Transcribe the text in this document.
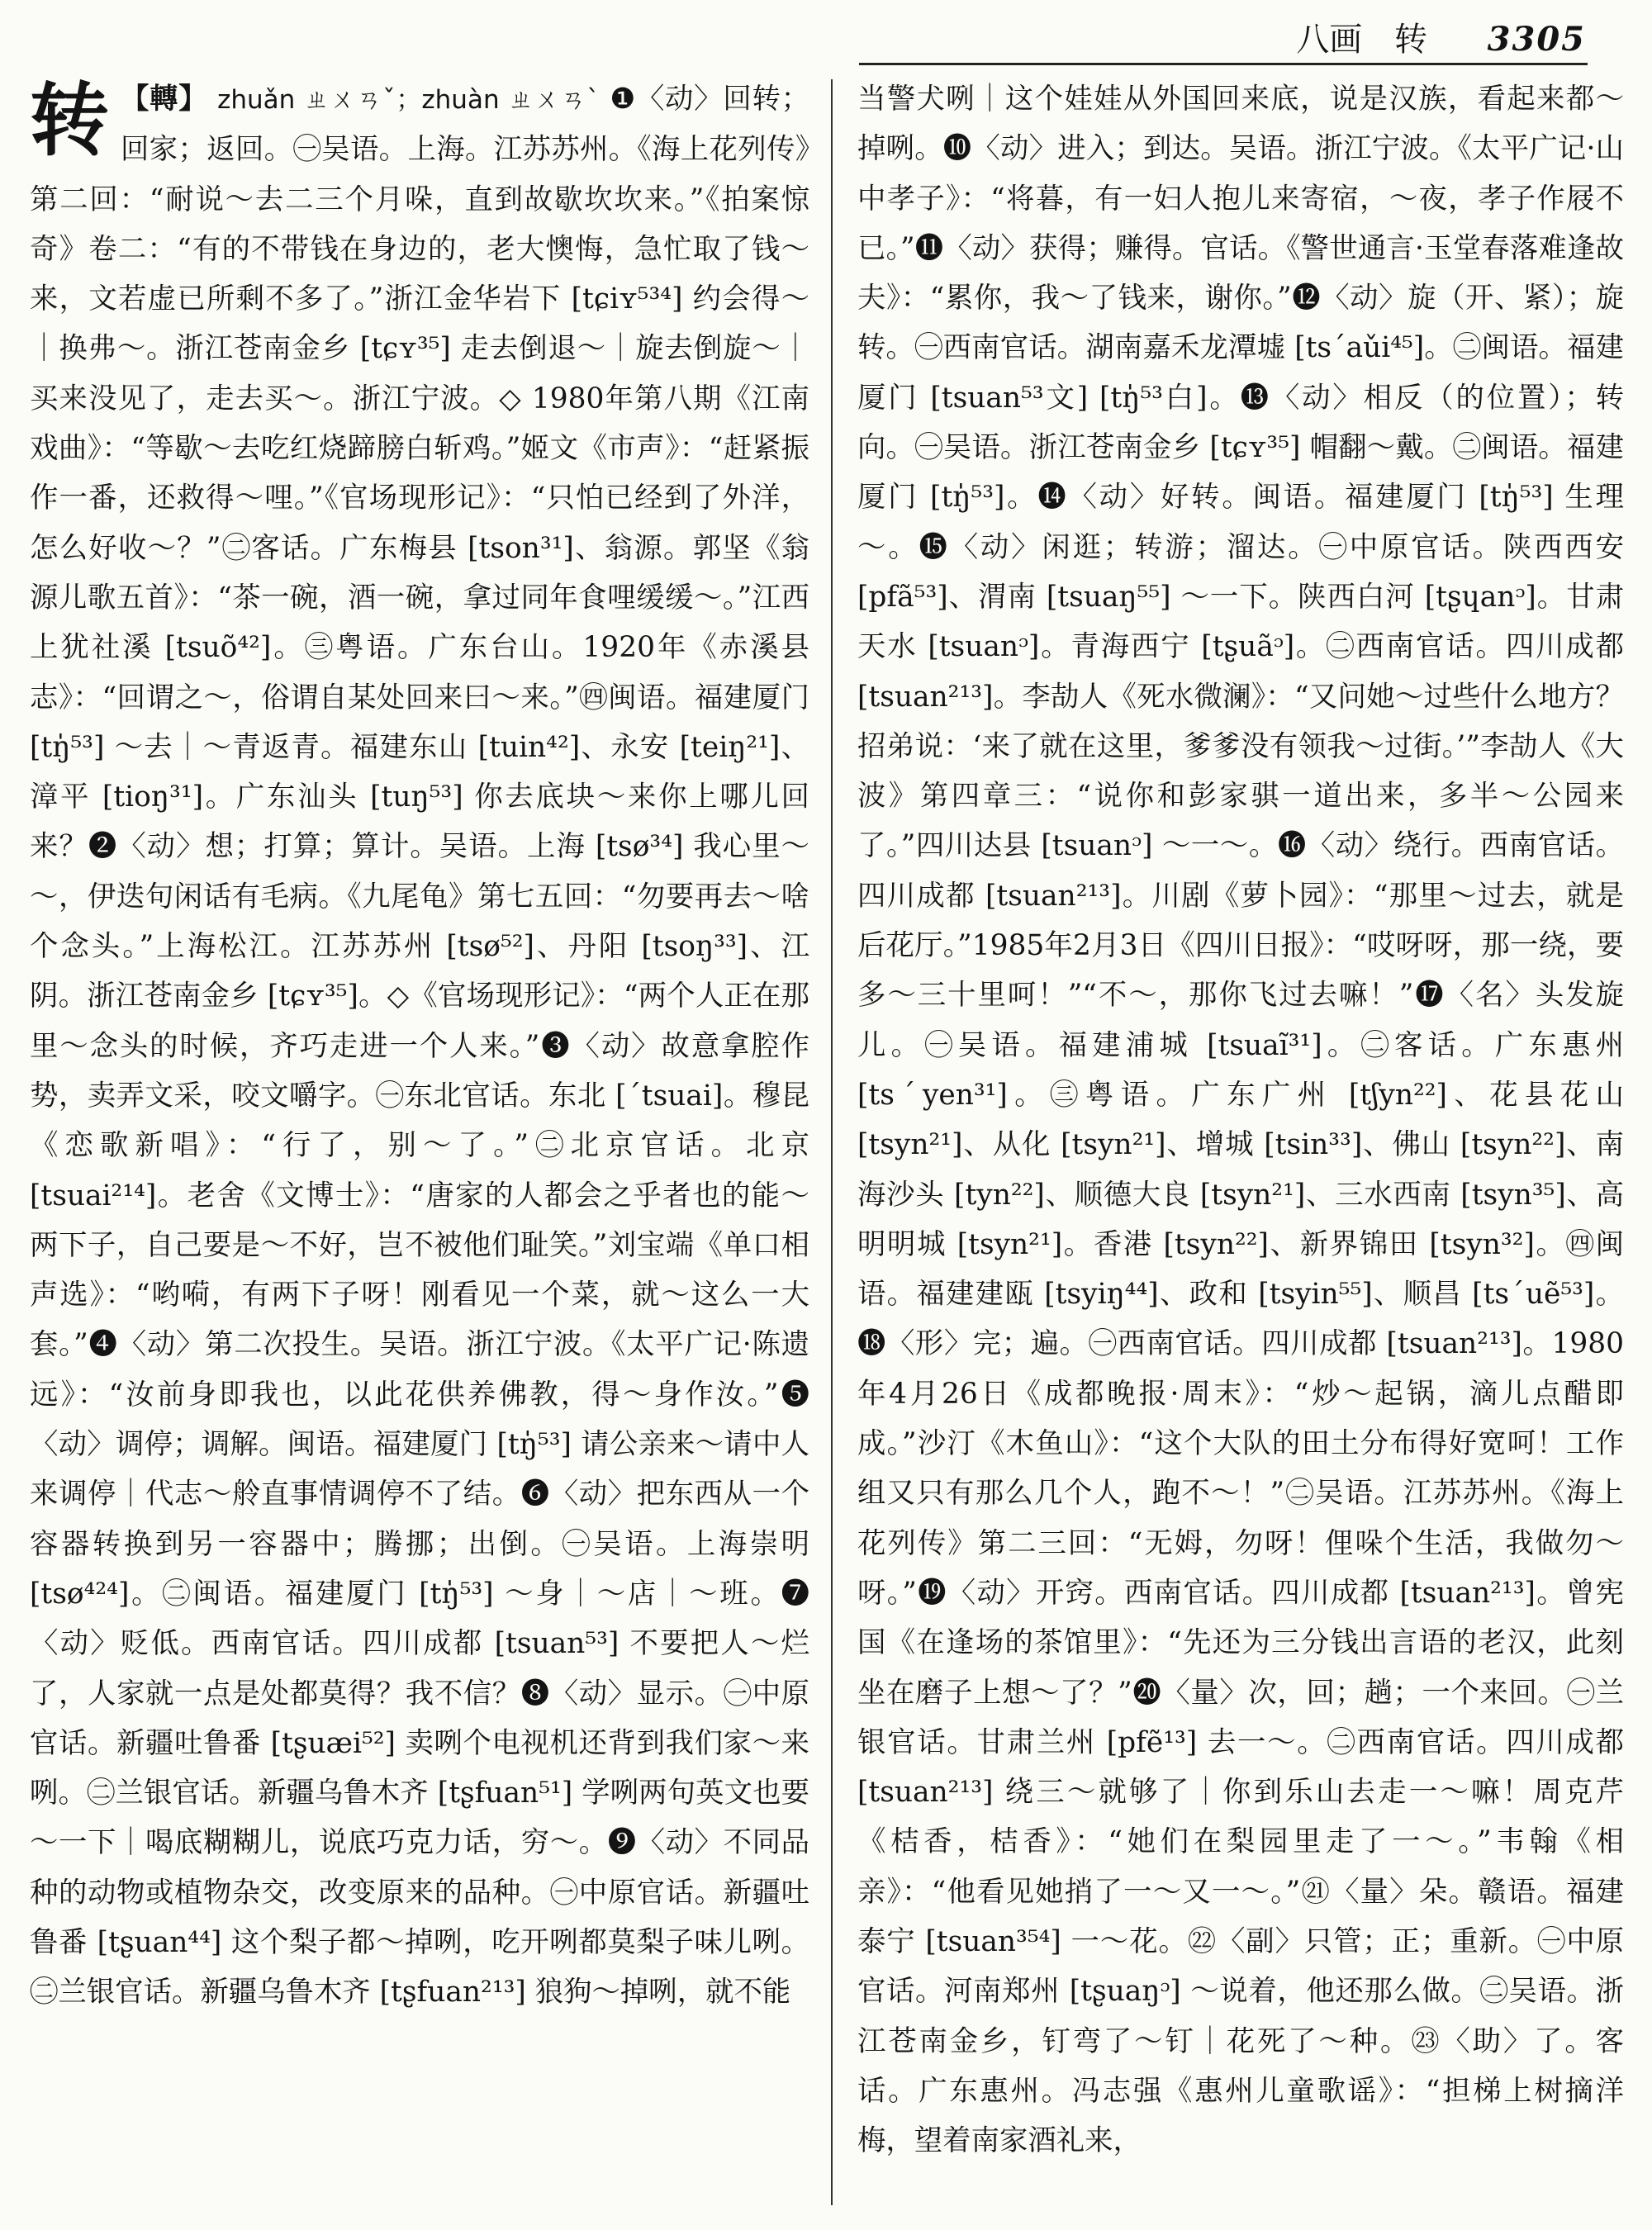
八画 转 3305
转 【轉】 zhuǎn ㄓㄨㄢˇ；zhuàn ㄓㄨㄢˋ ❶〈动〉回转；回家；返回。㊀吴语。上海。江苏苏州。《海上花列传》第二回：“耐说～去二三个月哚，直到故歇坎坎来。”《拍案惊奇》卷二：“有的不带钱在身边的，老大懊悔，急忙取了钱～来，文若虚已所剩不多了。”浙江金华岩下 [tɕiʏ⁵³⁴] 约会得～｜换弗～。浙江苍南金乡 [tɕʏ³⁵] 走去倒退～｜旋去倒旋～｜买来没见了，走去买～。浙江宁波。◇ 1980年第八期《江南戏曲》：“等歇～去吃红烧蹄膀白斩鸡。”姬文《市声》：“赶紧振作一番，还救得～哩。”《官场现形记》：“只怕已经到了外洋，怎么好收～？”㊁客话。广东梅县 [tson³¹]、翁源。郭坚《翁源儿歌五首》：“茶一碗，酒一碗，拿过同年食哩缓缓～。”江西上犹社溪 [tsuõ⁴²]。㊂粤语。广东台山。1920年《赤溪县志》：“回谓之～，俗谓自某处回来曰～来。”㊃闽语。福建厦门 [tŋ̍⁵³] ～去｜～青返青。福建东山 [tuin⁴²]、永安 [teiŋ²¹]、漳平 [tioŋ³¹]。广东汕头 [tuŋ⁵³] 你去底块～来你上哪儿回来？❷〈动〉想；打算；算计。吴语。上海 [tsø³⁴] 我心里～～，伊迭句闲话有毛病。《九尾龟》第七五回：“勿要再去～啥个念头。”上海松江。江苏苏州 [tsø⁵²]、丹阳 [tsoŋ³³]、江阴。浙江苍南金乡 [tɕʏ³⁵]。◇《官场现形记》：“两个人正在那里～念头的时候，齐巧走进一个人来。”❸〈动〉故意拿腔作势，卖弄文采，咬文嚼字。㊀东北官话。东北 [ˊtsuai]。穆昆《恋歌新唱》：“行了，别～了。”㊁北京官话。北京 [tsuai²¹⁴]。老舍《文博士》：“唐家的人都会之乎者也的能～两下子，自己要是～不好，岂不被他们耻笑。”刘宝端《单口相声选》：“哟嗬，有两下子呀！刚看见一个菜，就～这么一大套。”❹〈动〉第二次投生。吴语。浙江宁波。《太平广记·陈遗远》：“汝前身即我也，以此花供养佛教，得～身作汝。”❺〈动〉调停；调解。闽语。福建厦门 [tŋ̍⁵³] 请公亲来～请中人来调停｜代志～舲直事情调停不了结。❻〈动〉把东西从一个容器转换到另一容器中；腾挪；出倒。㊀吴语。上海崇明 [tsø⁴²⁴]。㊁闽语。福建厦门 [tŋ̍⁵³] ～身｜～店｜～班。❼〈动〉贬低。西南官话。四川成都 [tsuan⁵³] 不要把人～烂了，人家就一点是处都莫得？我不信？❽〈动〉显示。㊀中原官话。新疆吐鲁番 [tʂuæi⁵²] 卖咧个电视机还背到我们家～来咧。㊁兰银官话。新疆乌鲁木齐 [tʂfuan⁵¹] 学咧两句英文也要～一下｜喝底糊糊儿，说底巧克力话，穷～。❾〈动〉不同品种的动物或植物杂交，改变原来的品种。㊀中原官话。新疆吐鲁番 [tʂuan⁴⁴] 这个梨子都～掉咧，吃开咧都莫梨子味儿咧。㊁兰银官话。新疆乌鲁木齐 [tʂfuan²¹³] 狼狗～掉咧，就不能
当警犬咧｜这个娃娃从外国回来底，说是汉族，看起来都～掉咧。❿〈动〉进入；到达。吴语。浙江宁波。《太平广记·山中孝子》：“将暮，有一妇人抱儿来寄宿，～夜，孝子作屐不已。”⓫〈动〉获得；赚得。官话。《警世通言·玉堂春落难逢故夫》：“累你，我～了钱来，谢你。”⓬〈动〉旋（开、紧）；旋转。㊀西南官话。湖南嘉禾龙潭墟 [tsˊaǔi⁴⁵]。㊁闽语。福建厦门 [tsuan⁵³文] [tŋ̍⁵³白]。⓭〈动〉相反（的位置）；转向。㊀吴语。浙江苍南金乡 [tɕʏ³⁵] 帽翻～戴。㊁闽语。福建厦门 [tŋ̍⁵³]。⓮〈动〉好转。闽语。福建厦门 [tŋ̍⁵³] 生理～。⓯〈动〉闲逛；转游；溜达。㊀中原官话。陕西西安 [pfã⁵³]、渭南 [tsuaŋ⁵⁵] ～一下。陕西白河 [tʂɥanᵓ]。甘肃天水 [tsuanᵓ]。青海西宁 [tʂuãᵓ]。㊁西南官话。四川成都 [tsuan²¹³]。李劼人《死水微澜》：“又问她～过些什么地方？招弟说：‘来了就在这里，爹爹没有领我～过街。’”李劼人《大波》第四章三：“说你和彭家骐一道出来，多半～公园来了。”四川达县 [tsuanᵓ] ～一～。⓰〈动〉绕行。西南官话。四川成都 [tsuan²¹³]。川剧《萝卜园》：“那里～过去，就是后花厅。”1985年2月3日《四川日报》：“哎呀呀，那一绕，要多～三十里呵！”“不～，那你飞过去嘛！”⓱〈名〉头发旋儿。㊀吴语。福建浦城 [tsuaĩ³¹]。㊁客话。广东惠州 [tsˊyen³¹]。㊂粤语。广东广州 [tʃyn²²]、花县花山 [tsyn²¹]、从化 [tsyn²¹]、增城 [tsin³³]、佛山 [tsyn²²]、南海沙头 [tyn²²]、顺德大良 [tsyn²¹]、三水西南 [tsyn³⁵]、高明明城 [tsyn²¹]。香港 [tsyn²²]、新界锦田 [tsyn³²]。㊃闽语。福建建瓯 [tsyiŋ⁴⁴]、政和 [tsyin⁵⁵]、顺昌 [tsˊuẽ⁵³]。⓲〈形〉完；遍。㊀西南官话。四川成都 [tsuan²¹³]。1980年4月26日《成都晚报·周末》：“炒～起锅，滴儿点醋即成。”沙汀《木鱼山》：“这个大队的田土分布得好宽呵！工作组又只有那么几个人，跑不～！”㊁吴语。江苏苏州。《海上花列传》第二三回：“无姆，勿呀！俚哚个生活，我做勿～呀。”⓳〈动〉开窍。西南官话。四川成都 [tsuan²¹³]。曾宪国《在逢场的茶馆里》：“先还为三分钱出言语的老汉，此刻坐在磨子上想～了？”⓴〈量〉次，回；趟；一个来回。㊀兰银官话。甘肃兰州 [pfẽ¹³] 去一～。㊁西南官话。四川成都 [tsuan²¹³] 绕三～就够了｜你到乐山去走一～嘛！周克芹《桔香，桔香》：“她们在梨园里走了一～。”韦翰《相亲》：“他看见她捎了一～又一～。”㉑〈量〉朵。赣语。福建泰宁 [tsuan³⁵⁴] 一～花。㉒〈副〉只管；正；重新。㊀中原官话。河南郑州 [tʂuaŋᵓ] ～说着，他还那么做。㊁吴语。浙江苍南金乡，钉弯了～钉｜花死了～种。㉓〈助〉了。客话。广东惠州。冯志强《惠州儿童歌谣》：“担梯上树摘洋梅，望着南家酒礼来，
